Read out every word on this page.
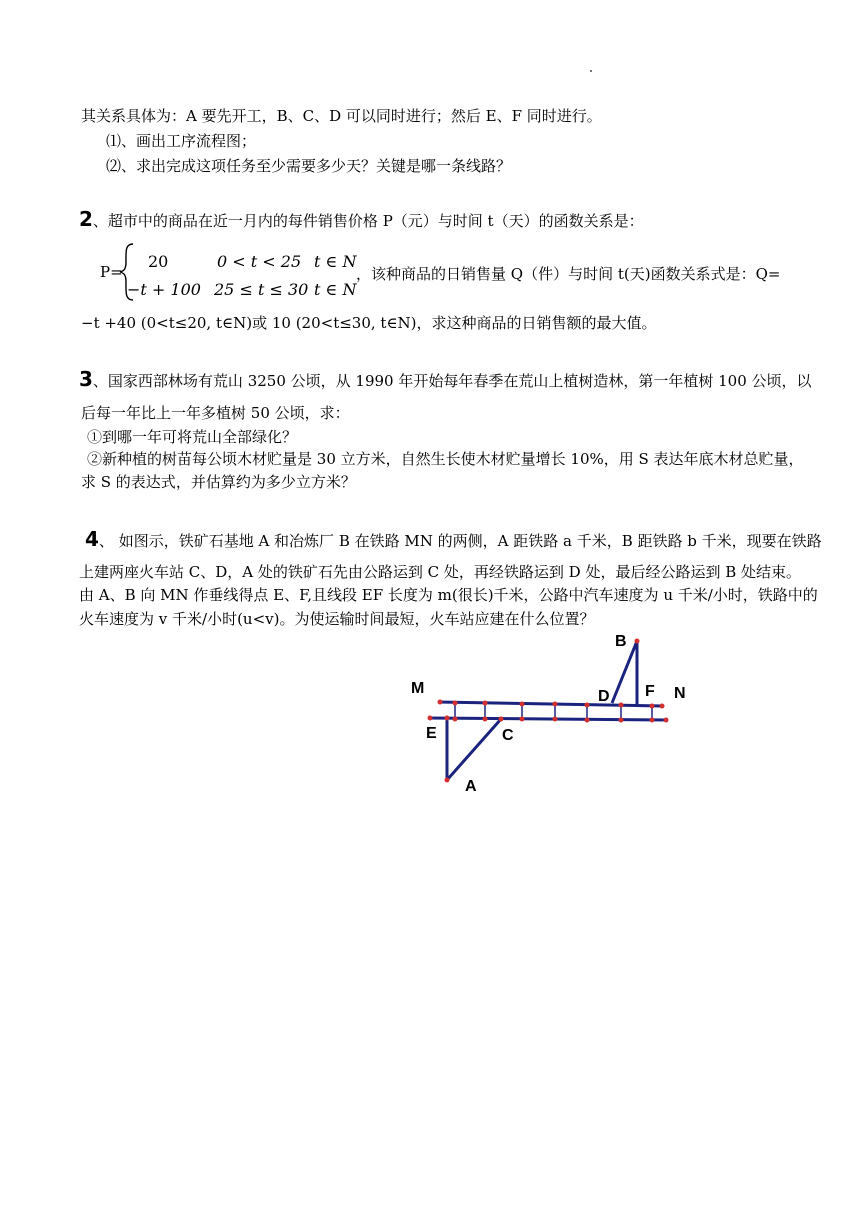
其关系具体为：A 要先开工，B、C、D 可以同时进行；然后 E、F 同时进行。
⑴、画出工序流程图；
⑵、求出完成这项任务至少需要多少天？关键是哪一条线路？
2、超市中的商品在近一月内的每件销售价格 P（元）与时间 t（天）的函数关系是：
P=
20	0 < t < 25 t ∈ N
−t + 100 25 ≤ t ≤ 30 t ∈ N
，该种商品的日销售量 Q（件）与时间 t(天)函数关系式是：Q=
−t +40 (0<t≤20, t∈N)或 10 (20<t≤30, t∈N)，求这种商品的日销售额的最大值。
3、国家西部林场有荒山 3250 公顷，从 1990 年开始每年春季在荒山上植树造林，第一年植树 100 公顷，以
后每一年比上一年多植树 50 公顷，求：
①到哪一年可将荒山全部绿化？
②新种植的树苗每公顷木材贮量是 30 立方米，自然生长使木材贮量增长 10%，用 S 表达年底木材总贮量，
求 S 的表达式，并估算约为多少立方米？
4、 如图示，铁矿石基地 A 和冶炼厂 B 在铁路 MN 的两侧，A 距铁路 a 千米，B 距铁路 b 千米，现要在铁路
上建两座火车站 C、D，A 处的铁矿石先由公路运到 C 处，再经铁路运到 D 处，最后经公路运到 B 处结束。
由 A、B 向 MN 作垂线得点 E、F,且线段 EF 长度为 m(很长)千米，公路中汽车速度为 u 千米/小时，铁路中的
火车速度为 v 千米/小时(u<v)。为使运输时间最短，火车站应建在什么位置？
M	N
E	C
A
B
D F
